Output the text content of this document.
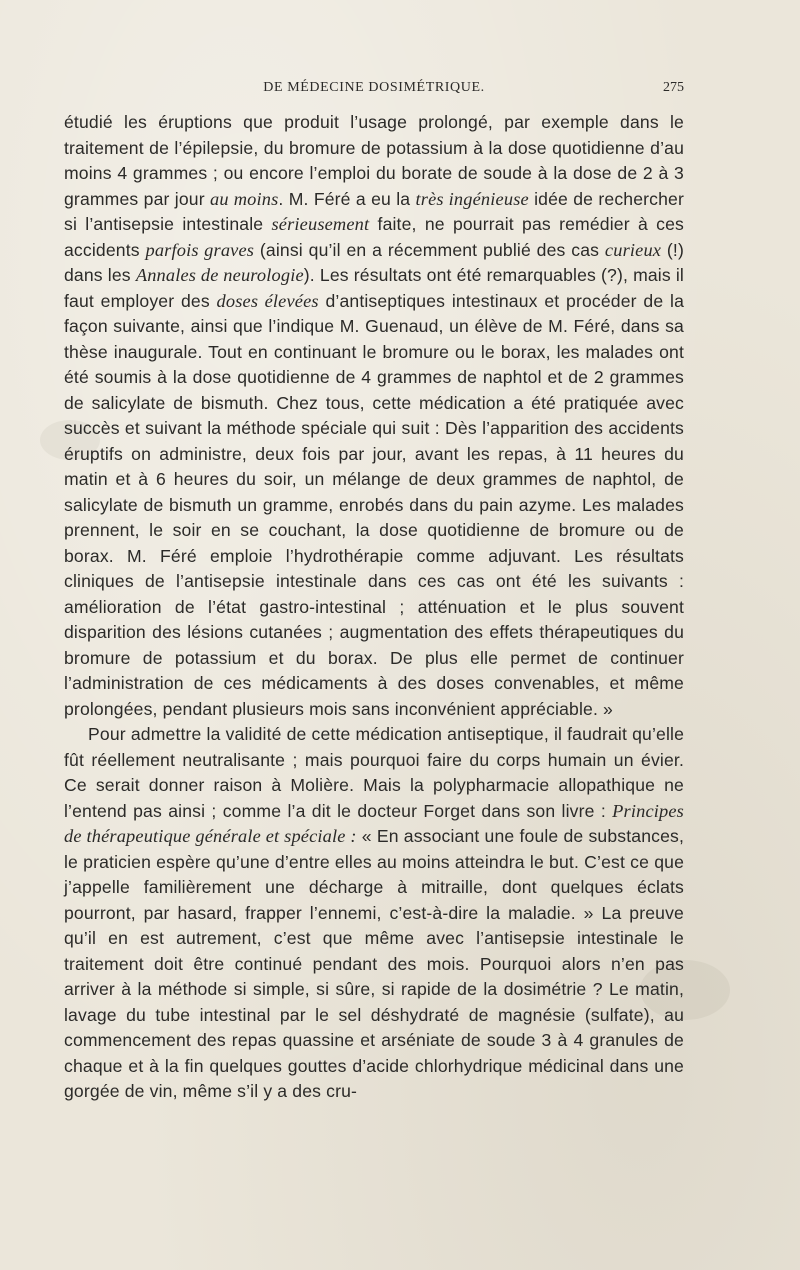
DE MÉDECINE DOSIMÉTRIQUE.	275

étudié les éruptions que produit l’usage prolongé, par exemple dans le traitement de l’épilepsie, du bromure de potassium à la dose quotidienne d’au moins 4 grammes ; ou encore l’emploi du borate de soude à la dose de 2 à 3 grammes par jour au moins. M. Féré a eu la très ingénieuse idée de rechercher si l’antisepsie intestinale sérieusement faite, ne pourrait pas remédier à ces accidents parfois graves (ainsi qu’il en a récemment publié des cas curieux (!) dans les Annales de neurologie). Les résultats ont été remarquables (?), mais il faut employer des doses élevées d’antiseptiques intestinaux et procéder de la façon suivante, ainsi que l’indique M. Guenaud, un élève de M. Féré, dans sa thèse inaugurale. Tout en continuant le bromure ou le borax, les malades ont été soumis à la dose quotidienne de 4 grammes de naphtol et de 2 grammes de salicylate de bismuth. Chez tous, cette médication a été pratiquée avec succès et suivant la méthode spéciale qui suit : Dès l’apparition des accidents éruptifs on administre, deux fois par jour, avant les repas, à 11 heures du matin et à 6 heures du soir, un mélange de deux grammes de naphtol, de salicylate de bismuth un gramme, enrobés dans du pain azyme. Les malades prennent, le soir en se couchant, la dose quotidienne de bromure ou de borax. M. Féré emploie l’hydrothérapie comme adjuvant. Les résultats cliniques de l’antisepsie intestinale dans ces cas ont été les suivants : amélioration de l’état gastro-intestinal ; atténuation et le plus souvent disparition des lésions cutanées ; augmentation des effets thérapeutiques du bromure de potassium et du borax. De plus elle permet de continuer l’administration de ces médicaments à des doses convenables, et même prolongées, pendant plusieurs mois sans inconvénient appréciable. »

Pour admettre la validité de cette médication antiseptique, il faudrait qu’elle fût réellement neutralisante ; mais pourquoi faire du corps humain un évier. Ce serait donner raison à Molière. Mais la polypharmacie allopathique ne l’entend pas ainsi ; comme l’a dit le docteur Forget dans son livre : Principes de thérapeutique générale et spéciale : « En associant une foule de substances, le praticien espère qu’une d’entre elles au moins atteindra le but. C’est ce que j’appelle familièrement une décharge à mitraille, dont quelques éclats pourront, par hasard, frapper l’ennemi, c’est-à-dire la maladie. » La preuve qu’il en est autrement, c’est que même avec l’antisepsie intestinale le traitement doit être continué pendant des mois. Pourquoi alors n’en pas arriver à la méthode si simple, si sûre, si rapide de la dosimétrie ? Le matin, lavage du tube intestinal par le sel déshydraté de magnésie (sulfate), au commencement des repas quassine et arséniate de soude 3 à 4 granules de chaque et à la fin quelques gouttes d’acide chlorhydrique médicinal dans une gorgée de vin, même s’il y a des cru-
